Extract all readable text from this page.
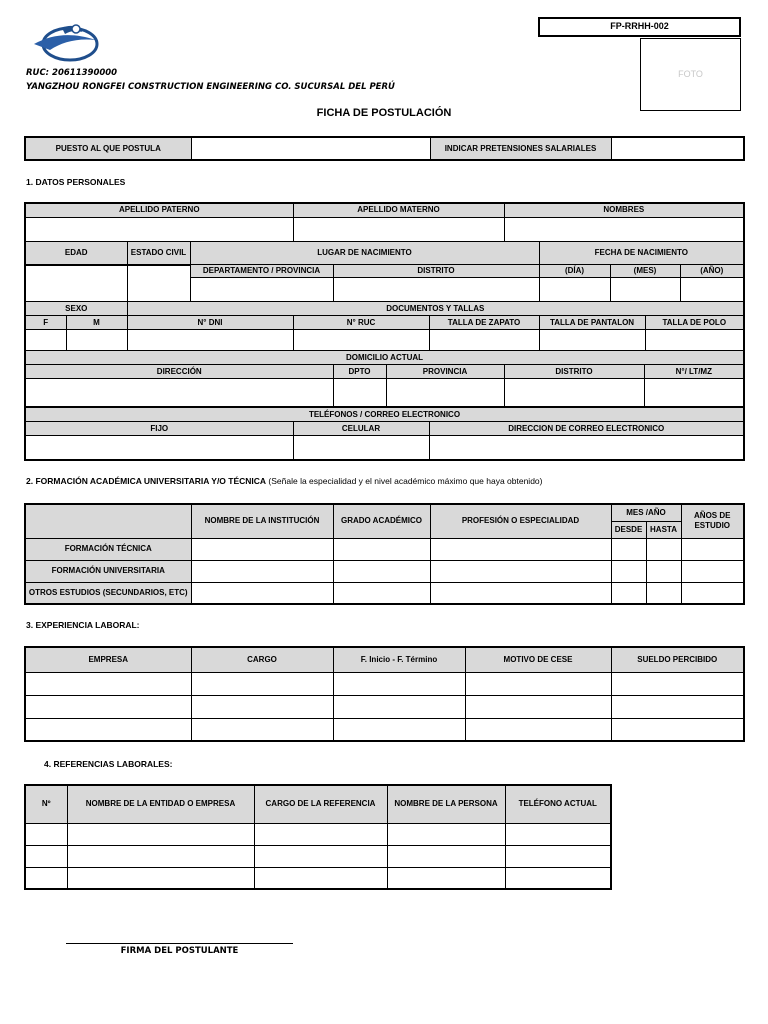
RUC: 20611390000
YANGZHOU RONGFEI CONSTRUCTION ENGINEERING CO. SUCURSAL DEL PERÚ
FP-RRHH-002
FOTO
FICHA DE POSTULACIÓN
PUESTO AL QUE POSTULA		INDICAR PRETENSIONES SALARIALES	
1. DATOS PERSONALES
APELLIDO PATERNO			APELLIDO MATERNO	NOMBRES	

EDAD	ESTADO CIVIL	LUGAR DE NACIMIENTO			FECHA DE NACIMIENTO
		DEPARTAMENTO / PROVINCIA	DISTRITO	(DÍA)	(MES)	(AÑO)

SEXO		DOCUMENTOS Y TALLAS				
F	M	N° DNI	N° RUC	TALLA DE ZAPATO	TALLA DE PANTALON	TALLA DE POLO

DOMICILIO ACTUAL				
DIRECCIÓN	DPTO	PROVINCIA	DISTRITO	N°/ LT/MZ

TELÉFONOS / CORREO ELECTRONICO		
FIJO	CELULAR	DIRECCION DE CORREO ELECTRONICO

2. FORMACIÓN ACADÉMICA UNIVERSITARIA Y/O TÉCNICA (Señale la especialidad y el nivel académico máximo que haya obtenido)
	NOMBRE DE LA INSTITUCIÓN	GRADO ACADÉMICO	PROFESIÓN O ESPECIALIDAD	MES /AÑO		AÑOS DE ESTUDIO
				DESDE	HASTA	
FORMACIÓN TÉCNICA						
FORMACIÓN UNIVERSITARIA						
OTROS ESTUDIOS (SECUNDARIOS, ETC)						
3. EXPERIENCIA LABORAL:
EMPRESA	CARGO	F. Inicio - F. Término	MOTIVO DE CESE	SUELDO PERCIBIDO

4. REFERENCIAS LABORALES:
Nº	NOMBRE DE LA ENTIDAD O EMPRESA	CARGO DE LA REFERENCIA	NOMBRE DE LA PERSONA	TELÉFONO ACTUAL

FIRMA DEL POSTULANTE
